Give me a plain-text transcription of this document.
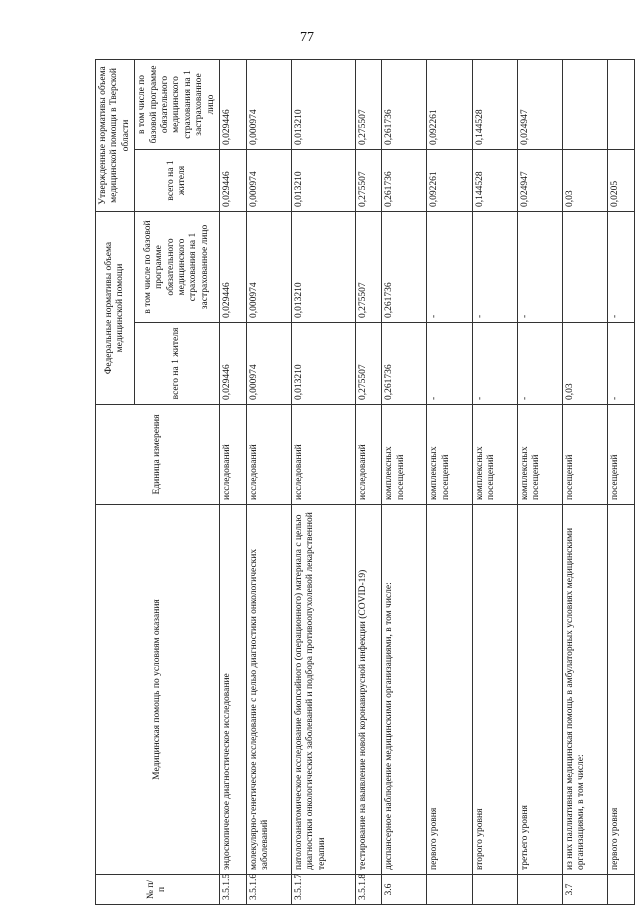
77
№ п/п	Медицинская помощь по условиям оказания	Единица измерения	Федеральные нормативы объема медицинской помощи		Утвержденные нормативы объема медицинской помощи в Тверской области	
			всего на 1 жителя	в том числе по базовой программе обязательного медицинского страхования на 1 застрахованное лицо	всего на 1 жителя	в том числе по базовой программе обязательного медицинского страхования на 1 застрахованное лицо
3.5.1.5	эндоскопическое диагностическое исследование	исследований	0,029446	0,029446	0,029446	0,029446
3.5.1.6	молекулярно-генетическое исследование с целью диагностики онкологических заболеваний	исследований	0,000974	0,000974	0,000974	0,000974
3.5.1.7	патологоанатомическое исследование биопсийного (операционного) материала с целью диагностики онкологических заболеваний и подбора противоопухолевой лекарственной терапии	исследований	0,013210	0,013210	0,013210	0,013210
3.5.1.8	тестирование на выявление новой коронавирусной инфекции (COVID-19)	исследований	0,275507	0,275507	0,275507	0,275507
3.6	диспансерное наблюдение медицинскими организациями, в том числе:	комплексных посещений	0,261736	0,261736	0,261736	0,261736
	первого уровня	комплексных посещений	-	-	0,092261	0,092261
	второго уровня	комплексных посещений	-	-	0,144528	0,144528
	третьего уровня	комплексных посещений	-	-	0,024947	0,024947
3.7	из них паллиативная медицинская помощь в амбулаторных условиях медицинскими организациями, в том числе:	посещений	0,03		0,03	
	первого уровня	посещений	-	-	0,0205	
